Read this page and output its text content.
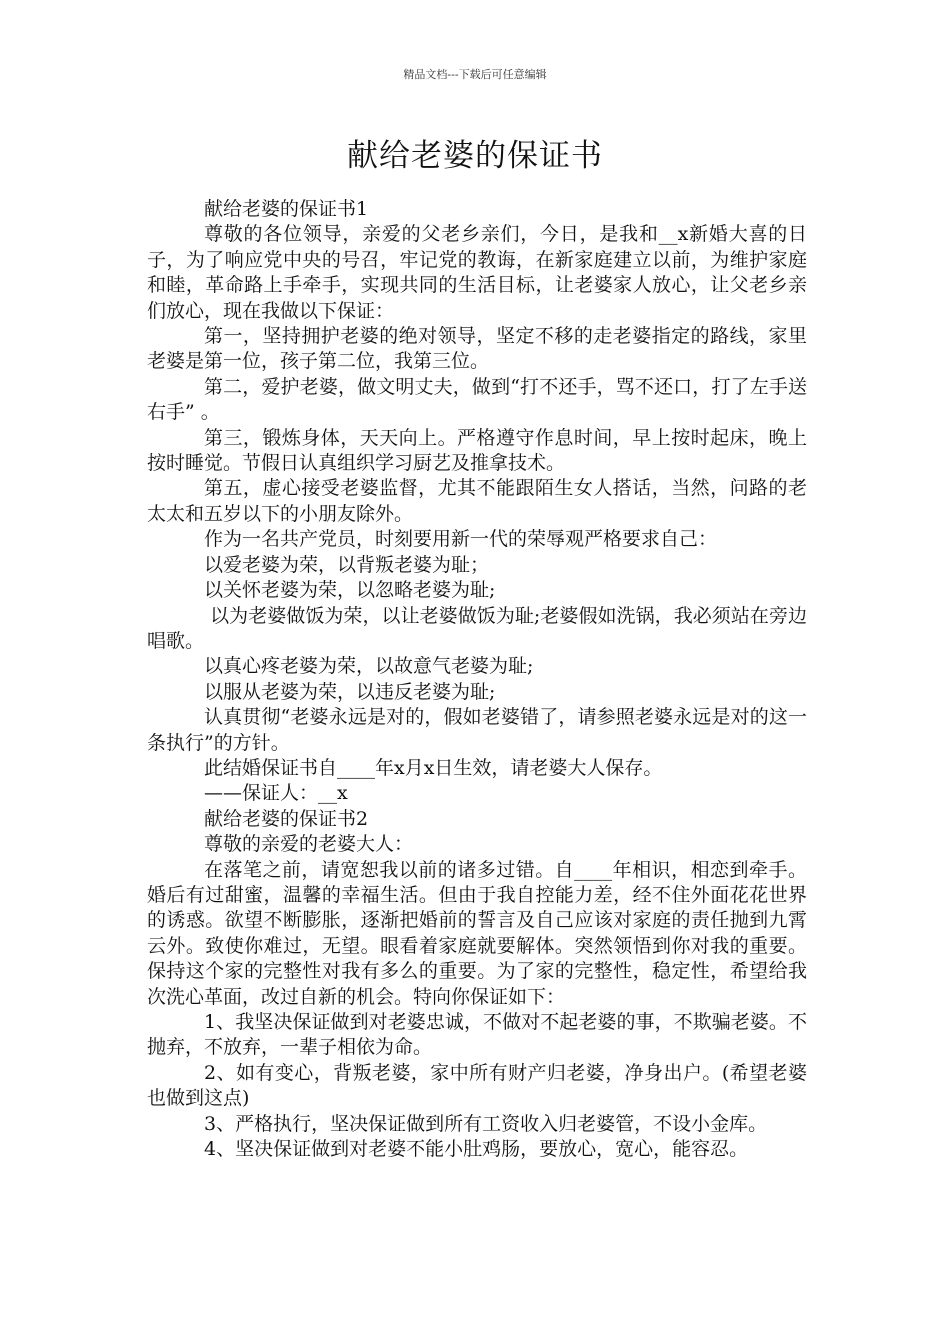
精品文档---下载后可任意编辑
献给老婆的保证书

献给老婆的保证书1

尊敬的各位领导，亲爱的父老乡亲们，今日，是我和__x新婚大喜的日子，为了响应党中央的号召，牢记党的教诲，在新家庭建立以前，为维护家庭和睦，革命路上手牵手，实现共同的生活目标，让老婆家人放心，让父老乡亲们放心，现在我做以下保证：

第一，坚持拥护老婆的绝对领导，坚定不移的走老婆指定的路线，家里老婆是第一位，孩子第二位，我第三位。

第二，爱护老婆，做文明丈夫，做到“打不还手，骂不还口，打了左手送右手” 。

第三，锻炼身体，天天向上。严格遵守作息时间，早上按时起床，晚上按时睡觉。节假日认真组织学习厨艺及推拿技术。

第五，虚心接受老婆监督，尤其不能跟陌生女人搭话，当然，问路的老太太和五岁以下的小朋友除外。

作为一名共产党员，时刻要用新一代的荣辱观严格要求自己：

以爱老婆为荣，以背叛老婆为耻；

以关怀老婆为荣，以忽略老婆为耻;

以为老婆做饭为荣，以让老婆做饭为耻;老婆假如洗锅，我必须站在旁边唱歌。

以真心疼老婆为荣，以故意气老婆为耻;

以服从老婆为荣，以违反老婆为耻;

认真贯彻“老婆永远是对的，假如老婆错了，请参照老婆永远是对的这一条执行”的方针。

此结婚保证书自____年x月x日生效，请老婆大人保存。

——保证人：__x

献给老婆的保证书2

尊敬的亲爱的老婆大人：

在落笔之前，请宽恕我以前的诸多过错。自____年相识，相恋到牵手。婚后有过甜蜜，温馨的幸福生活。但由于我自控能力差，经不住外面花花世界的诱惑。欲望不断膨胀，逐渐把婚前的誓言及自己应该对家庭的责任抛到九霄云外。致使你难过，无望。眼看着家庭就要解体。突然领悟到你对我的重要。保持这个家的完整性对我有多么的重要。为了家的完整性，稳定性，希望给我次洗心革面，改过自新的机会。特向你保证如下：

1、我坚决保证做到对老婆忠诚，不做对不起老婆的事，不欺骗老婆。不抛弃，不放弃，一辈子相依为命。

2、如有变心，背叛老婆，家中所有财产归老婆，净身出户。(希望老婆也做到这点)

3、严格执行，坚决保证做到所有工资收入归老婆管，不设小金库。

4、坚决保证做到对老婆不能小肚鸡肠，要放心，宽心，能容忍。
